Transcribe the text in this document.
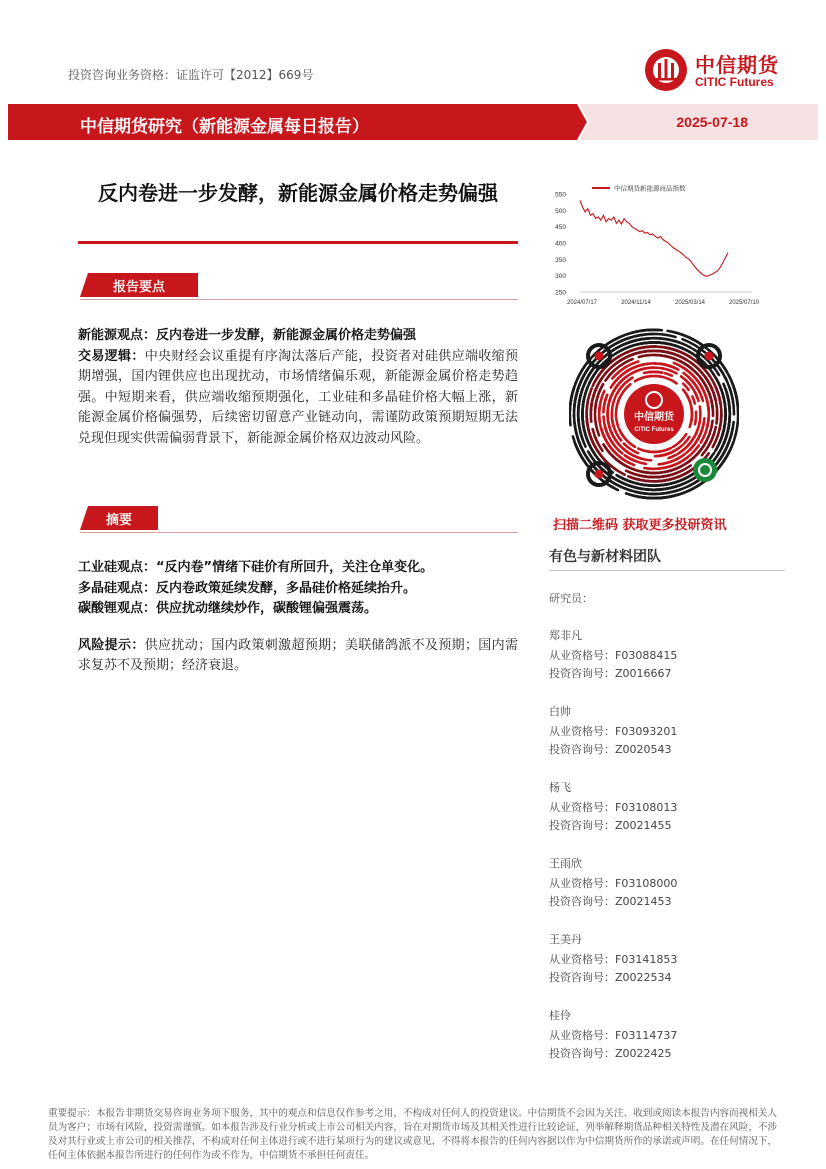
投资咨询业务资格：证监许可【2012】669号	中信期货
CITIC Futures
中信期货研究（新能源金属每日报告）	2025-07-18
反内卷进一步发酵，新能源金属价格走势偏强
报告要点
新能源观点：反内卷进一步发酵，新能源金属价格走势偏强
交易逻辑：中央财经会议重提有序淘汰落后产能，投资者对硅供应端收缩预期增强，国内锂供应也出现扰动，市场情绪偏乐观，新能源金属价格走势趋强。中短期来看，供应端收缩预期强化，工业硅和多晶硅价格大幅上涨，新能源金属价格偏强势，后续密切留意产业链动向，需谨防政策预期短期无法兑现但现实供需偏弱背景下，新能源金属价格双边波动风险。
摘要
工业硅观点：“反内卷”情绪下硅价有所回升，关注仓单变化。
多晶硅观点：反内卷政策延续发酵，多晶硅价格延续抬升。
碳酸锂观点：供应扰动继续炒作，碳酸锂偏强震荡。
风险提示：供应扰动；国内政策刺激超预期；美联储鸽派不及预期；国内需求复苏不及预期；经济衰退。
250
300
350
400
450
500
550
2024/07/17	2024/11/14	2025/03/14	2025/07/10
中信期货新能源商品指数
中信期货
CITIC Futures
扫描二维码 获取更多投研资讯
有色与新材料团队
研究员：
郑非凡
从业资格号：F03088415
投资咨询号：Z0016667
白帅
从业资格号：F03093201
投资咨询号：Z0020543
杨飞
从业资格号：F03108013
投资咨询号：Z0021455
王雨欣
从业资格号：F03108000
投资咨询号：Z0021453
王美丹
从业资格号：F03141853
投资咨询号：Z0022534
桂伶
从业资格号：F03114737
投资咨询号：Z0022425
重要提示：本报告非期货交易咨询业务项下服务，其中的观点和信息仅作参考之用，不构成对任何人的投资建议。中信期货不会因为关注、收到或阅读本报告内容而视相关人员为客户；市场有风险，投资需谨慎。如本报告涉及行业分析或上市公司相关内容，旨在对期货市场及其相关性进行比较论证，列举解释期货品种相关特性及潜在风险，不涉及对其行业或上市公司的相关推荐，不构成对任何主体进行或不进行某项行为的建议或意见，不得将本报告的任何内容据以作为中信期货所作的承诺或声明。在任何情况下，任何主体依据本报告所进行的任何作为或不作为，中信期货不承担任何责任。
